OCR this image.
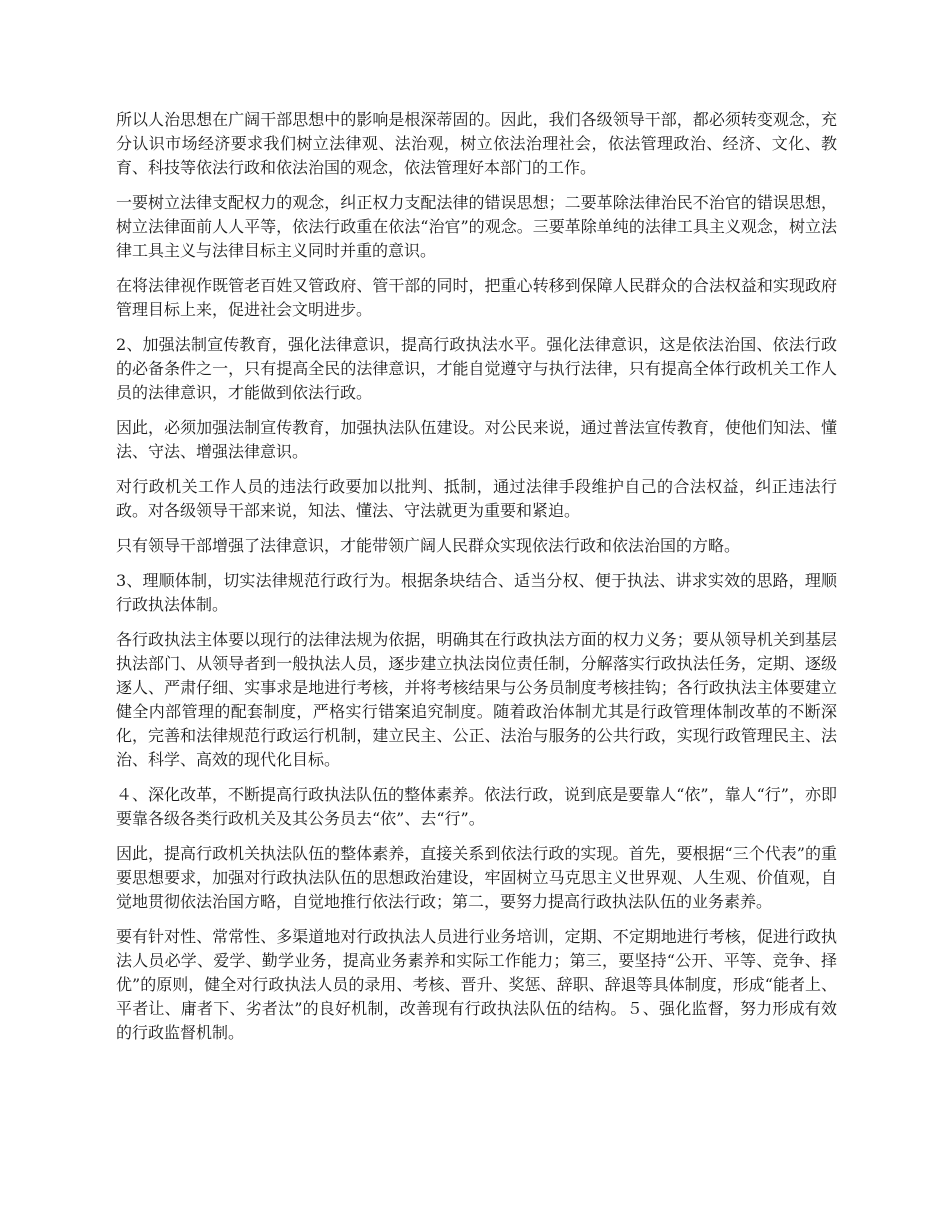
所以人治思想在广阔干部思想中的影响是根深蒂固的。因此，我们各级领导干部，都必须转变观念，充分认识市场经济要求我们树立法律观、法治观，树立依法治理社会，依法管理政治、经济、文化、教育、科技等依法行政和依法治国的观念，依法管理好本部门的工作。

一要树立法律支配权力的观念，纠正权力支配法律的错误思想；二要革除法律治民不治官的错误思想，树立法律面前人人平等，依法行政重在依法“治官”的观念。三要革除单纯的法律工具主义观念，树立法律工具主义与法律目标主义同时并重的意识。

在将法律视作既管老百姓又管政府、管干部的同时，把重心转移到保障人民群众的合法权益和实现政府管理目标上来，促进社会文明进步。

2、加强法制宣传教育，强化法律意识，提高行政执法水平。强化法律意识，这是依法治国、依法行政的必备条件之一，只有提高全民的法律意识，才能自觉遵守与执行法律，只有提高全体行政机关工作人员的法律意识，才能做到依法行政。

因此，必须加强法制宣传教育，加强执法队伍建设。对公民来说，通过普法宣传教育，使他们知法、懂法、守法、增强法律意识。

对行政机关工作人员的违法行政要加以批判、抵制，通过法律手段维护自己的合法权益，纠正违法行政。对各级领导干部来说，知法、懂法、守法就更为重要和紧迫。

只有领导干部增强了法律意识，才能带领广阔人民群众实现依法行政和依法治国的方略。

3、理顺体制，切实法律规范行政行为。根据条块结合、适当分权、便于执法、讲求实效的思路，理顺行政执法体制。

各行政执法主体要以现行的法律法规为依据，明确其在行政执法方面的权力义务；要从领导机关到基层执法部门、从领导者到一般执法人员，逐步建立执法岗位责任制，分解落实行政执法任务，定期、逐级逐人、严肃仔细、实事求是地进行考核，并将考核结果与公务员制度考核挂钩；各行政执法主体要建立健全内部管理的配套制度，严格实行错案追究制度。随着政治体制尤其是行政管理体制改革的不断深化，完善和法律规范行政运行机制，建立民主、公正、法治与服务的公共行政，实现行政管理民主、法治、科学、高效的现代化目标。

４、深化改革，不断提高行政执法队伍的整体素养。依法行政，说到底是要靠人“依”，靠人“行”，亦即要靠各级各类行政机关及其公务员去“依”、去“行”。

因此，提高行政机关执法队伍的整体素养，直接关系到依法行政的实现。首先，要根据“三个代表”的重要思想要求，加强对行政执法队伍的思想政治建设，牢固树立马克思主义世界观、人生观、价值观，自觉地贯彻依法治国方略，自觉地推行依法行政；第二，要努力提高行政执法队伍的业务素养。

要有针对性、常常性、多渠道地对行政执法人员进行业务培训，定期、不定期地进行考核，促进行政执法人员必学、爱学、勤学业务，提高业务素养和实际工作能力；第三，要坚持“公开、平等、竞争、择优”的原则，健全对行政执法人员的录用、考核、晋升、奖惩、辞职、辞退等具体制度，形成“能者上、平者让、庸者下、劣者汰”的良好机制，改善现有行政执法队伍的结构。５、强化监督，努力形成有效的行政监督机制。
